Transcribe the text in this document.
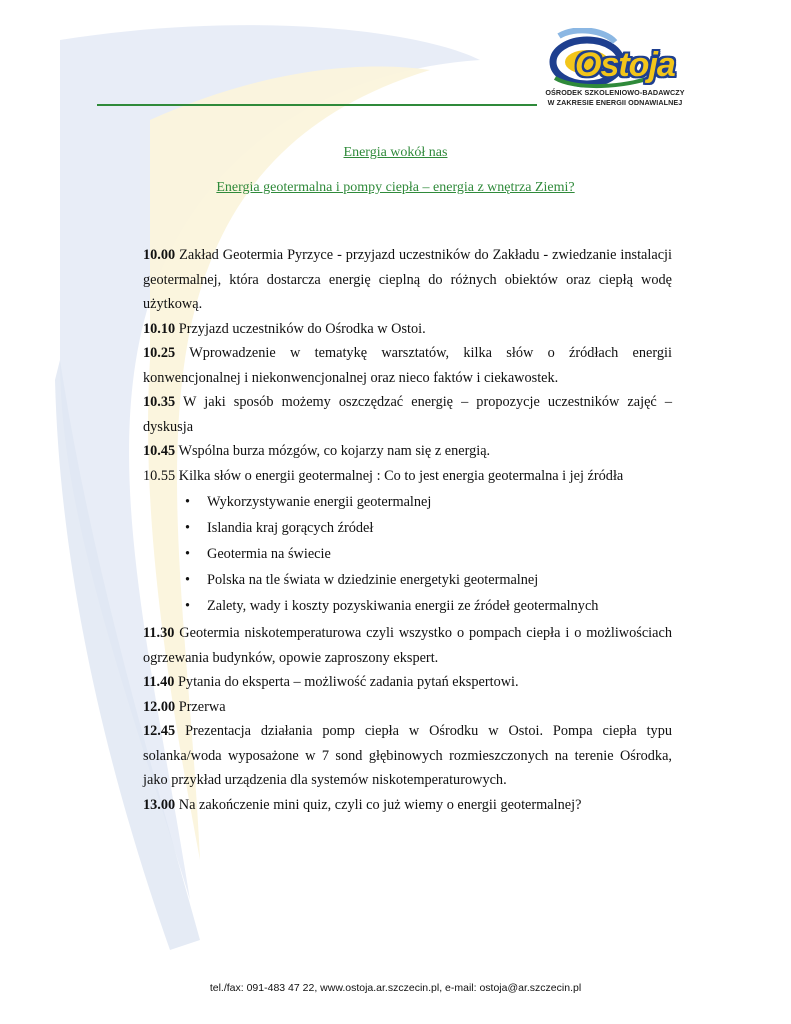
Ostoja
OŚRODEK SZKOLENIOWO-BADAWCZY
W ZAKRESIE ENERGII ODNAWIALNEJ
Energia wokół nas
Energia geotermalna i pompy ciepła – energia z wnętrza Ziemi?

10.00 Zakład Geotermia Pyrzyce - przyjazd uczestników do Zakładu - zwiedzanie instalacji geotermalnej, która dostarcza energię cieplną do różnych obiektów oraz ciepłą wodę użytkową.

10.10 Przyjazd uczestników do Ośrodka w Ostoi.

10.25 Wprowadzenie w tematykę warsztatów, kilka słów o źródłach energii konwencjonalnej i niekonwencjonalnej oraz nieco faktów i ciekawostek.

10.35 W jaki sposób możemy oszczędzać energię – propozycje uczestników zajęć – dyskusja

10.45 Wspólna burza mózgów, co kojarzy nam się z energią.

10.55 Kilka słów o energii geotermalnej : Co to jest energia geotermalna i jej źródła

• Wykorzystywanie energii geotermalnej
• Islandia kraj gorących źródeł
• Geotermia na świecie
• Polska na tle świata w dziedzinie energetyki geotermalnej
• Zalety, wady i koszty pozyskiwania energii ze źródeł geotermalnych

11.30 Geotermia niskotemperaturowa czyli wszystko o pompach ciepła i o możliwościach ogrzewania budynków, opowie zaproszony ekspert.

11.40 Pytania do eksperta – możliwość zadania pytań ekspertowi.

12.00 Przerwa

12.45 Prezentacja działania pomp ciepła w Ośrodku w Ostoi. Pompa ciepła typu solanka/woda wyposażone w 7 sond głębinowych rozmieszczonych na terenie Ośrodka, jako przykład urządzenia dla systemów niskotemperaturowych.

13.00 Na zakończenie mini quiz, czyli co już wiemy o energii geotermalnej?

tel./fax: 091-483 47 22, www.ostoja.ar.szczecin.pl, e-mail: ostoja@ar.szczecin.pl
